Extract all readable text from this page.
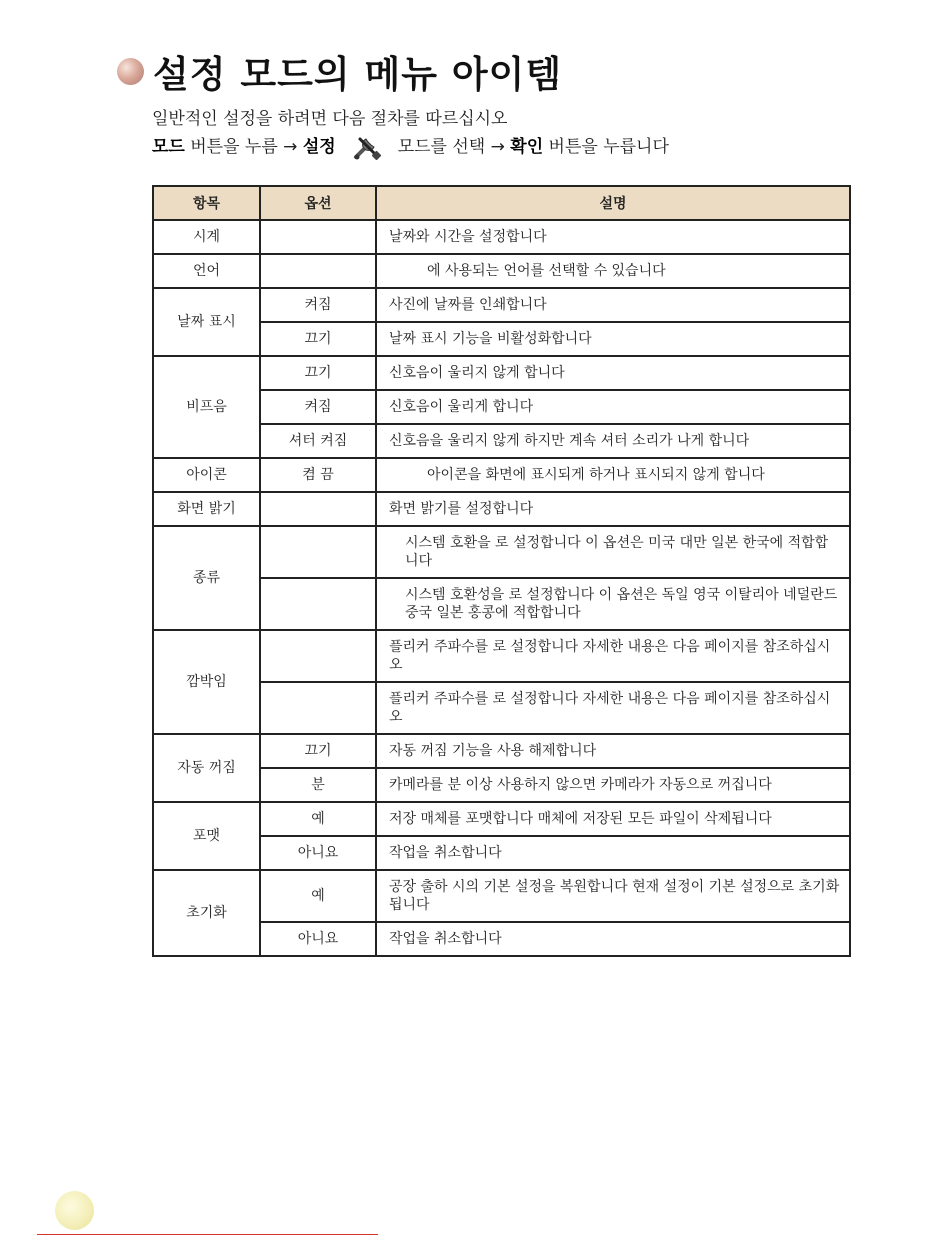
설정 모드의 메뉴 아이템
일반적인 설정을 하려면 다음 절차를 따르십시오
모드 버튼을 누름 → 설정	모드를 선택 → 확인 버튼을 누릅니다
항목	옵션	설명
시계		날짜와 시간을 설정합니다
언어		에 사용되는 언어를 선택할 수 있습니다
날짜 표시	켜짐	사진에 날짜를 인쇄합니다
	끄기	날짜 표시 기능을 비활성화합니다
비프음	끄기	신호음이 울리지 않게 합니다
	켜짐	신호음이 울리게 합니다
	셔터 켜짐	신호음을 울리지 않게 하지만 계속 셔터 소리가 나게 합니다
아이콘	켬 끔	아이콘을 화면에 표시되게 하거나 표시되지 않게 합니다
화면 밝기		화면 밝기를 설정합니다
종류		시스템 호환을 로 설정합니다 이 옵션은 미국 대만 일본 한국에 적합합니다
		시스템 호환성을 로 설정합니다 이 옵션은 독일 영국 이탈리아 네덜란드 중국 일본 홍콩에 적합합니다
깜박임		플리커 주파수를 로 설정합니다 자세한 내용은 다음 페이지를 참조하십시오
		플리커 주파수를 로 설정합니다 자세한 내용은 다음 페이지를 참조하십시오
자동 꺼짐	끄기	자동 꺼짐 기능을 사용 해제합니다
	분	카메라를 분 이상 사용하지 않으면 카메라가 자동으로 꺼집니다
포맷	예	저장 매체를 포맷합니다 매체에 저장된 모든 파일이 삭제됩니다
	아니요	작업을 취소합니다
초기화	예	공장 출하 시의 기본 설정을 복원합니다 현재 설정이 기본 설정으로 초기화됩니다
	아니요	작업을 취소합니다
